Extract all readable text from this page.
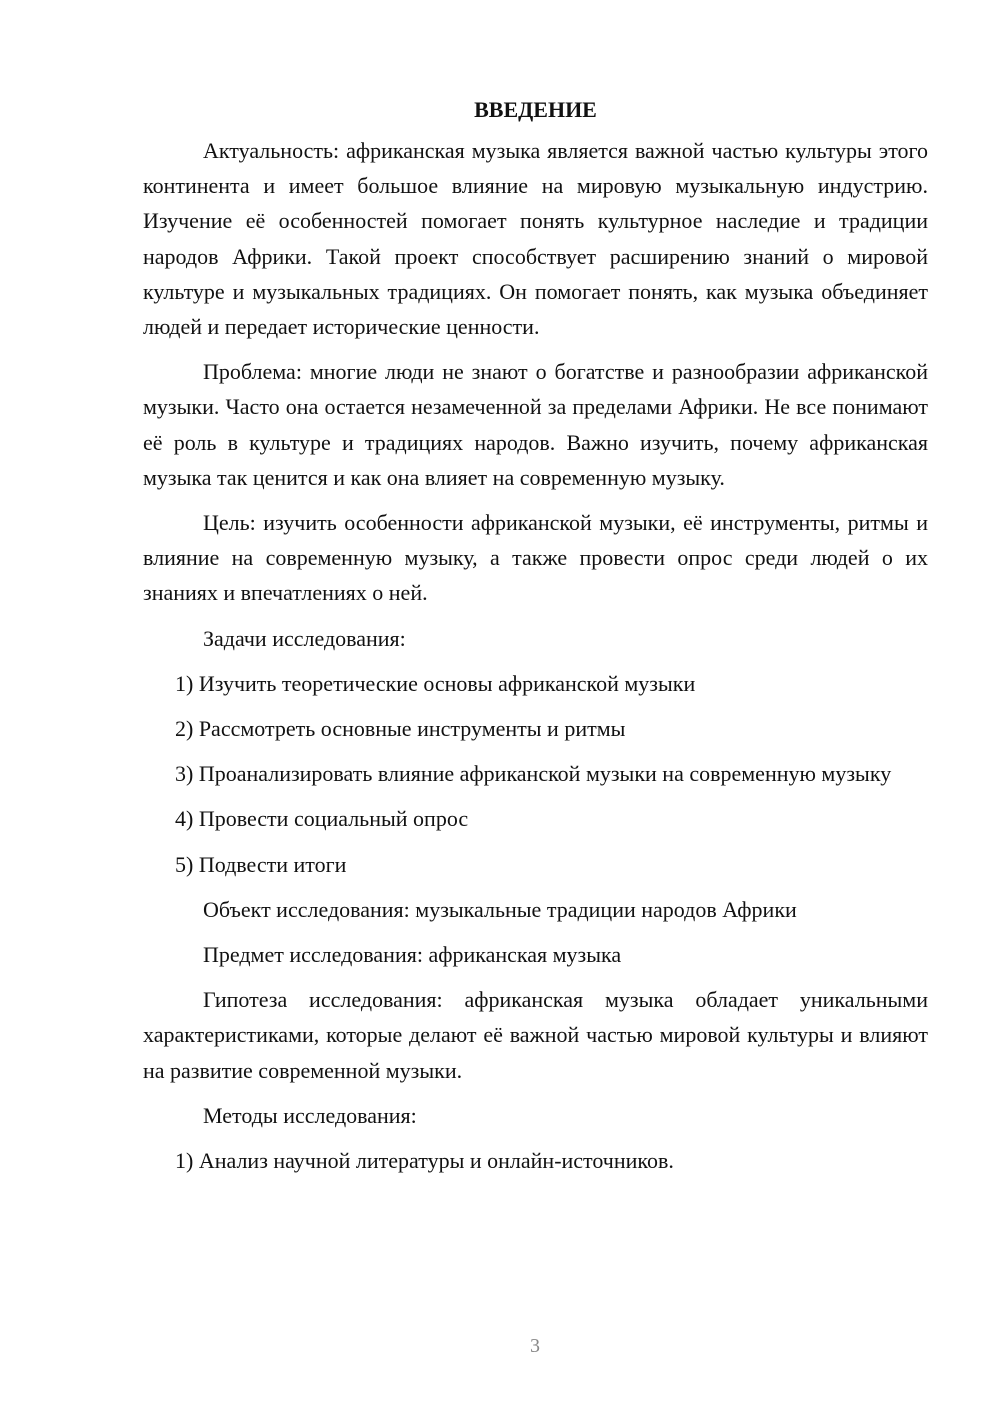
ВВЕДЕНИЕ

Актуальность: африканская музыка является важной частью культуры этого континента и имеет большое влияние на мировую музыкальную индустрию. Изучение её особенностей помогает понять культурное наследие и традиции народов Африки. Такой проект способствует расширению знаний о мировой культуре и музыкальных традициях. Он помогает понять, как музыка объединяет людей и передает исторические ценности.

Проблема: многие люди не знают о богатстве и разнообразии африканской музыки. Часто она остается незамеченной за пределами Африки. Не все понимают её роль в культуре и традициях народов. Важно изучить, почему африканская музыка так ценится и как она влияет на современную музыку.

Цель: изучить особенности африканской музыки, её инструменты, ритмы и влияние на современную музыку, а также провести опрос среди людей о их знаниях и впечатлениях о ней.

Задачи исследования:
1) Изучить теоретические основы африканской музыки
2) Рассмотреть основные инструменты и ритмы
3) Проанализировать влияние африканской музыки на современную музыку
4) Провести социальный опрос
5) Подвести итоги
Объект исследования: музыкальные традиции народов Африки
Предмет исследования: африканская музыка

Гипотеза исследования: африканская музыка обладает уникальными характеристиками, которые делают её важной частью мировой культуры и влияют на развитие современной музыки.

Методы исследования:
1) Анализ научной литературы и онлайн-источников.
3
